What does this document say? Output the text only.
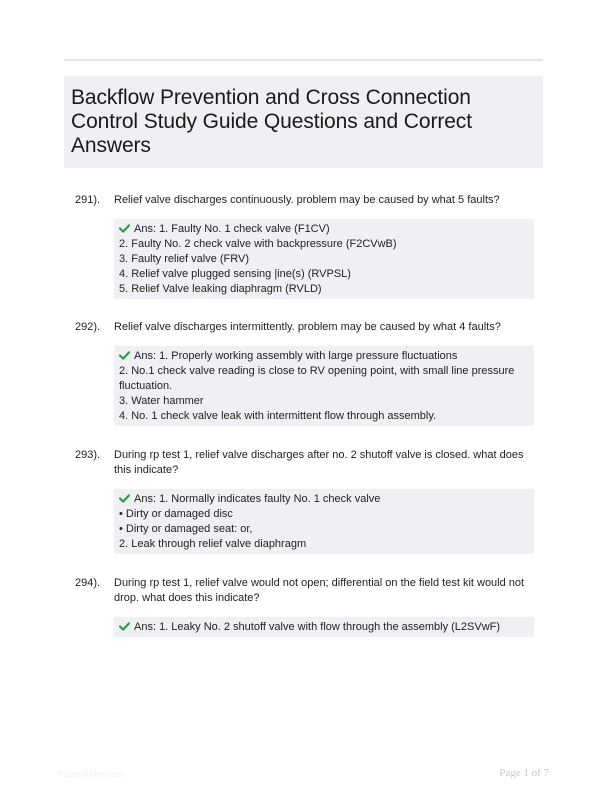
Backflow Prevention and Cross Connection Control Study Guide Questions and Correct Answers
291). Relief valve discharges continuously. problem may be caused by what 5 faults?
Ans: 1. Faulty No. 1 check valve (F1CV)
2. Faulty No. 2 check valve with backpressure (F2CVwB)
3. Faulty relief valve (FRV)
4. Relief valve plugged sensing |ine(s) (RVPSL)
5. Relief Valve leaking diaphragm (RVLD)
292). Relief valve discharges intermittently. problem may be caused by what 4 faults?
Ans: 1. Properly working assembly with large pressure fluctuations
2. No.1 check valve reading is close to RV opening point, with small line pressure fluctuation.
3. Water hammer
4. No. 1 check valve leak with intermittent flow through assembly.
293). During rp test 1, relief valve discharges after no. 2 shutoff valve is closed. what does this indicate?
Ans: 1. Normally indicates faulty No. 1 check valve
• Dirty or damaged disc
• Dirty or damaged seat: or,
2. Leak through relief valve diaphragm
294). During rp test 1, relief valve would not open; differential on the field test kit would not drop. what does this indicate?
Ans: 1. Leaky No. 2 shutoff valve with flow through the assembly (L2SVwF)
Paperfinder.com	Page 1 of 7
